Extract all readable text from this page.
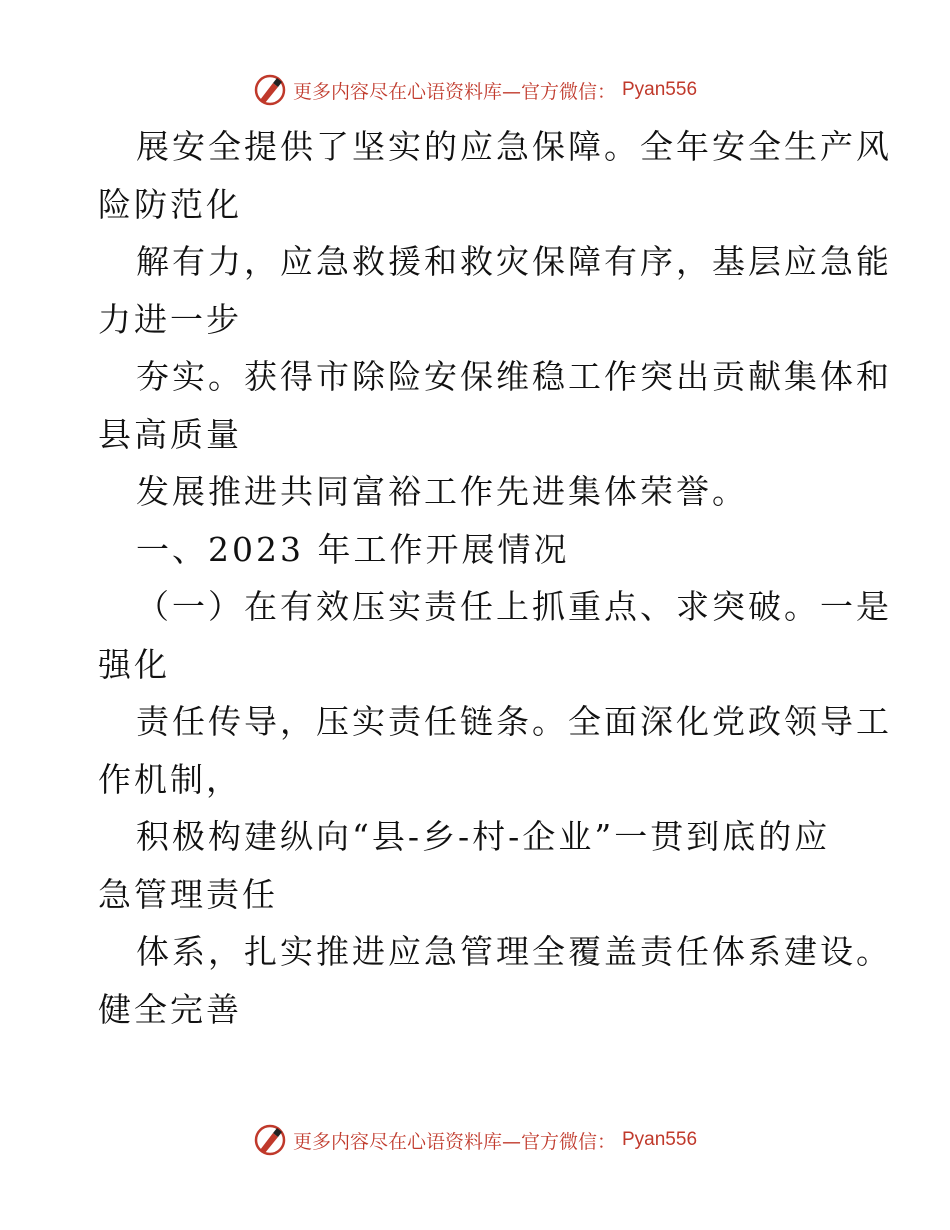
更多内容尽在心语资料库—官方微信： Pyan556
展安全提供了坚实的应急保障。全年安全生产风
险防范化
解有力，应急救援和救灾保障有序，基层应急能
力进一步
夯实。获得市除险安保维稳工作突出贡献集体和
县高质量
发展推进共同富裕工作先进集体荣誉。
一、2023 年工作开展情况
（一）在有效压实责任上抓重点、求突破。一是
强化
责任传导，压实责任链条。全面深化党政领导工
作机制，
积极构建纵向“县-乡-村-企业”一贯到底的应
急管理责任
体系，扎实推进应急管理全覆盖责任体系建设。
健全完善
更多内容尽在心语资料库—官方微信： Pyan556
